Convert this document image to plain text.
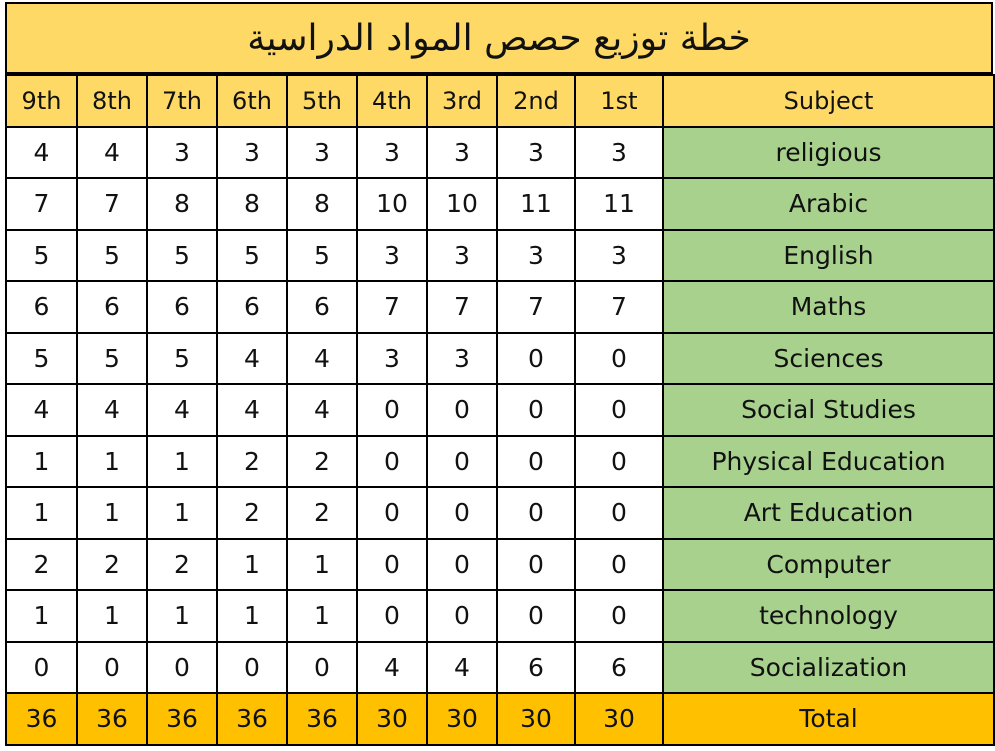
خطة توزيع حصص المواد الدراسية
9th	8th	7th	6th	5th	4th	3rd	2nd	1st	Subject
4	4	3	3	3	3	3	3	3	religious
7	7	8	8	8	10	10	11	11	Arabic
5	5	5	5	5	3	3	3	3	English
6	6	6	6	6	7	7	7	7	Maths
5	5	5	4	4	3	3	0	0	Sciences
4	4	4	4	4	0	0	0	0	Social Studies
1	1	1	2	2	0	0	0	0	Physical Education
1	1	1	2	2	0	0	0	0	Art Education
2	2	2	1	1	0	0	0	0	Computer
1	1	1	1	1	0	0	0	0	technology
0	0	0	0	0	4	4	6	6	Socialization
36	36	36	36	36	30	30	30	30	Total
